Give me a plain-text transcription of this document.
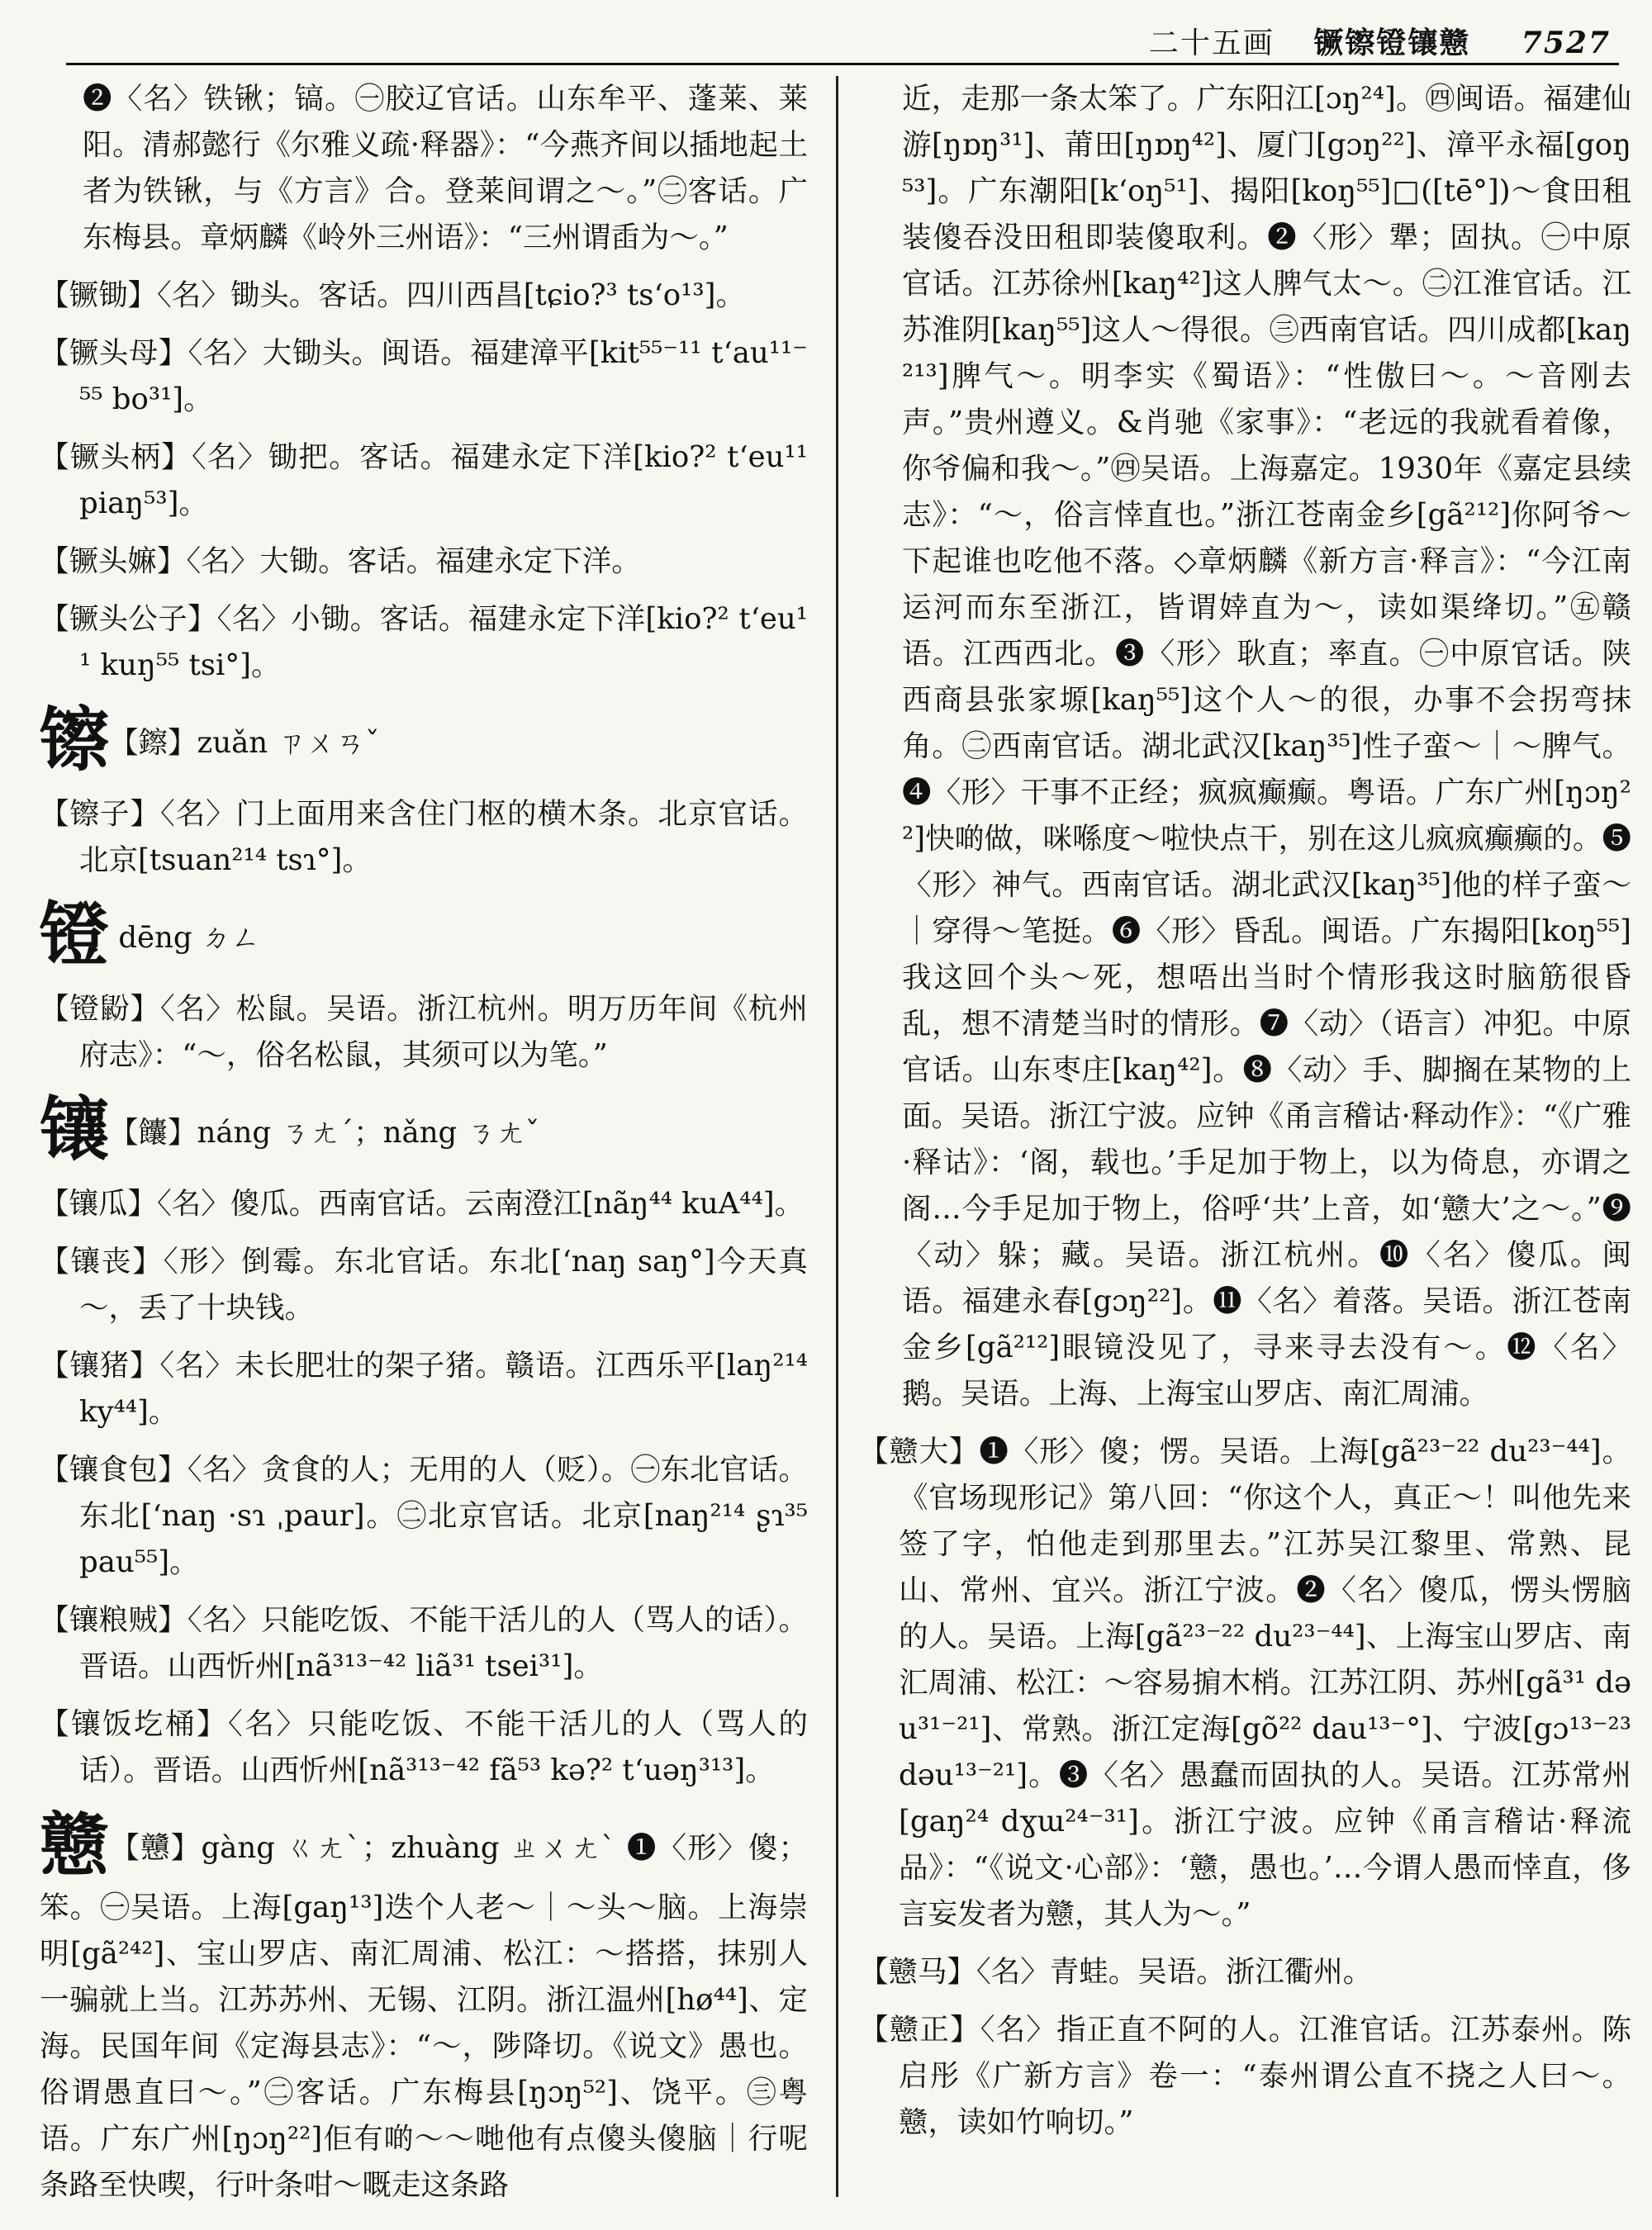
二十五画 镢镲镫镶戆 7527

❷〈名〉铁锹；镐。㊀胶辽官话。山东牟平、蓬莱、莱阳。清郝懿行《尔雅义疏·释器》：“今燕齐间以插地起土者为铁锹，与《方言》合。登莱间谓之～。”㊁客话。广东梅县。章炳麟《岭外三州语》：“三州谓臿为～。”

【镢锄】〈名〉锄头。客话。四川西昌[tɕio?³ ts‘o¹³]。

【镢头母】〈名〉大锄头。闽语。福建漳平[kit⁵⁵⁻¹¹ t‘au¹¹⁻⁵⁵ bo³¹]。

【镢头柄】〈名〉锄把。客话。福建永定下洋[kio?² t‘eu¹¹ piaŋ⁵³]。

【镢头嫲】〈名〉大锄。客话。福建永定下洋。

【镢头公子】〈名〉小锄。客话。福建永定下洋[kio?² t‘eu¹¹ kuŋ⁵⁵ tsi°]。

镲【鑔】zuǎn ㄗㄨㄢˇ

【镲子】〈名〉门上面用来含住门枢的横木条。北京官话。北京[tsuan²¹⁴ tsɿ°]。

镫 dēng ㄉㄥ

【镫鼢】〈名〉松鼠。吴语。浙江杭州。明万历年间《杭州府志》：“～，俗名松鼠，其须可以为笔。”

镶【饢】náng ㄋㄤˊ；nǎng ㄋㄤˇ

【镶瓜】〈名〉傻瓜。西南官话。云南澄江[nãŋ⁴⁴ kuA⁴⁴]。

【镶丧】〈形〉倒霉。东北官话。东北[‘naŋ saŋ°]今天真～，丢了十块钱。

【镶猪】〈名〉未长肥壮的架子猪。赣语。江西乐平[laŋ²¹⁴ ky⁴⁴]。

【镶食包】〈名〉贪食的人；无用的人（贬）。㊀东北官话。东北[‘naŋ ·sɿ ˌpaur]。㊁北京官话。北京[naŋ²¹⁴ ʂɿ³⁵ pau⁵⁵]。

【镶粮贼】〈名〉只能吃饭、不能干活儿的人（骂人的话）。晋语。山西忻州[nã³¹³⁻⁴² liã³¹ tsei³¹]。

【镶饭圪桶】〈名〉只能吃饭、不能干活儿的人（骂人的话）。晋语。山西忻州[nã³¹³⁻⁴² fã⁵³ kə?² t‘uəŋ³¹³]。

戆【戇】gàng ㄍㄤˋ；zhuàng ㄓㄨㄤˋ ❶〈形〉傻；笨。㊀吴语。上海[gaŋ¹³]迭个人老～｜～头～脑。上海崇明[gã²⁴²]、宝山罗店、南汇周浦、松江：～搭搭，抹别人一骗就上当。江苏苏州、无锡、江阴。浙江温州[hø⁴⁴]、定海。民国年间《定海县志》：“～，陟降切。《说文》愚也。俗谓愚直曰～。”㊁客话。广东梅县[ŋɔŋ⁵²]、饶平。㊂粤语。广东广州[ŋɔŋ²²]佢有啲～～哋他有点傻头傻脑｜行呢条路至快喫，行叶条咁～嘅走这条路

近，走那一条太笨了。广东阳江[ɔŋ²⁴]。㊃闽语。福建仙游[ŋɒŋ³¹]、莆田[ŋɒŋ⁴²]、厦门[gɔŋ²²]、漳平永福[goŋ⁵³]。广东潮阳[k‘oŋ⁵¹]、揭阳[koŋ⁵⁵]□([tē°])～食田租装傻吞没田租即装傻取利。❷〈形〉犟；固执。㊀中原官话。江苏徐州[kaŋ⁴²]这人脾气太～。㊁江淮官话。江苏淮阴[kaŋ⁵⁵]这人～得很。㊂西南官话。四川成都[kaŋ²¹³]脾气～。明李实《蜀语》：“性傲曰～。～音刚去声。”贵州遵义。&肖驰《家事》：“老远的我就看着像，你爷偏和我～。”㊃吴语。上海嘉定。1930年《嘉定县续志》：“～，俗言悻直也。”浙江苍南金乡[gã²¹²]你阿爷～下起谁也吃他不落。◇章炳麟《新方言·释言》：“今江南运河而东至浙江，皆谓婞直为～，读如渠绛切。”㊄赣语。江西西北。❸〈形〉耿直；率直。㊀中原官话。陕西商县张家塬[kaŋ⁵⁵]这个人～的很，办事不会拐弯抹角。㊁西南官话。湖北武汉[kaŋ³⁵]性子蛮～｜～脾气。❹〈形〉干事不正经；疯疯癫癫。粤语。广东广州[ŋɔŋ²²]快啲做，咪喺度～啦快点干，别在这儿疯疯癫癫的。❺〈形〉神气。西南官话。湖北武汉[kaŋ³⁵]他的样子蛮～｜穿得～笔挺。❻〈形〉昏乱。闽语。广东揭阳[koŋ⁵⁵]我这回个头～死，想唔出当时个情形我这时脑筋很昏乱，想不清楚当时的情形。❼〈动〉（语言）冲犯。中原官话。山东枣庄[kaŋ⁴²]。❽〈动〉手、脚搁在某物的上面。吴语。浙江宁波。应钟《甬言稽诂·释动作》：“《广雅·释诂》：‘阁，载也。’手足加于物上，以为倚息，亦谓之阁…今手足加于物上，俗呼‘共’上音，如‘戆大’之～。”❾〈动〉躲；藏。吴语。浙江杭州。❿〈名〉傻瓜。闽语。福建永春[gɔŋ²²]。⓫〈名〉着落。吴语。浙江苍南金乡[gã²¹²]眼镜没见了，寻来寻去没有～。⓬〈名〉鹅。吴语。上海、上海宝山罗店、南汇周浦。

【戆大】❶〈形〉傻；愣。吴语。上海[gã²³⁻²² du²³⁻⁴⁴]。《官场现形记》第八回：“你这个人，真正～！叫他先来签了字，怕他走到那里去。”江苏吴江黎里、常熟、昆山、常州、宜兴。浙江宁波。❷〈名〉傻瓜，愣头愣脑的人。吴语。上海[gã²³⁻²² du²³⁻⁴⁴]、上海宝山罗店、南汇周浦、松江：～容易掮木梢。江苏江阴、苏州[gã³¹ dəu³¹⁻²¹]、常熟。浙江定海[gõ²² dau¹³⁻°]、宁波[gɔ¹³⁻²³ dəu¹³⁻²¹]。❸〈名〉愚蠢而固执的人。吴语。江苏常州[gaŋ²⁴ dɣɯ²⁴⁻³¹]。浙江宁波。应钟《甬言稽诂·释流品》：“《说文·心部》：‘戆，愚也。’…今谓人愚而悻直，侈言妄发者为戆，其人为～。”

【戆马】〈名〉青蛙。吴语。浙江衢州。

【戆正】〈名〉指正直不阿的人。江淮官话。江苏泰州。陈启彤《广新方言》卷一：“泰州谓公直不挠之人曰～。戆，读如竹响切。”
